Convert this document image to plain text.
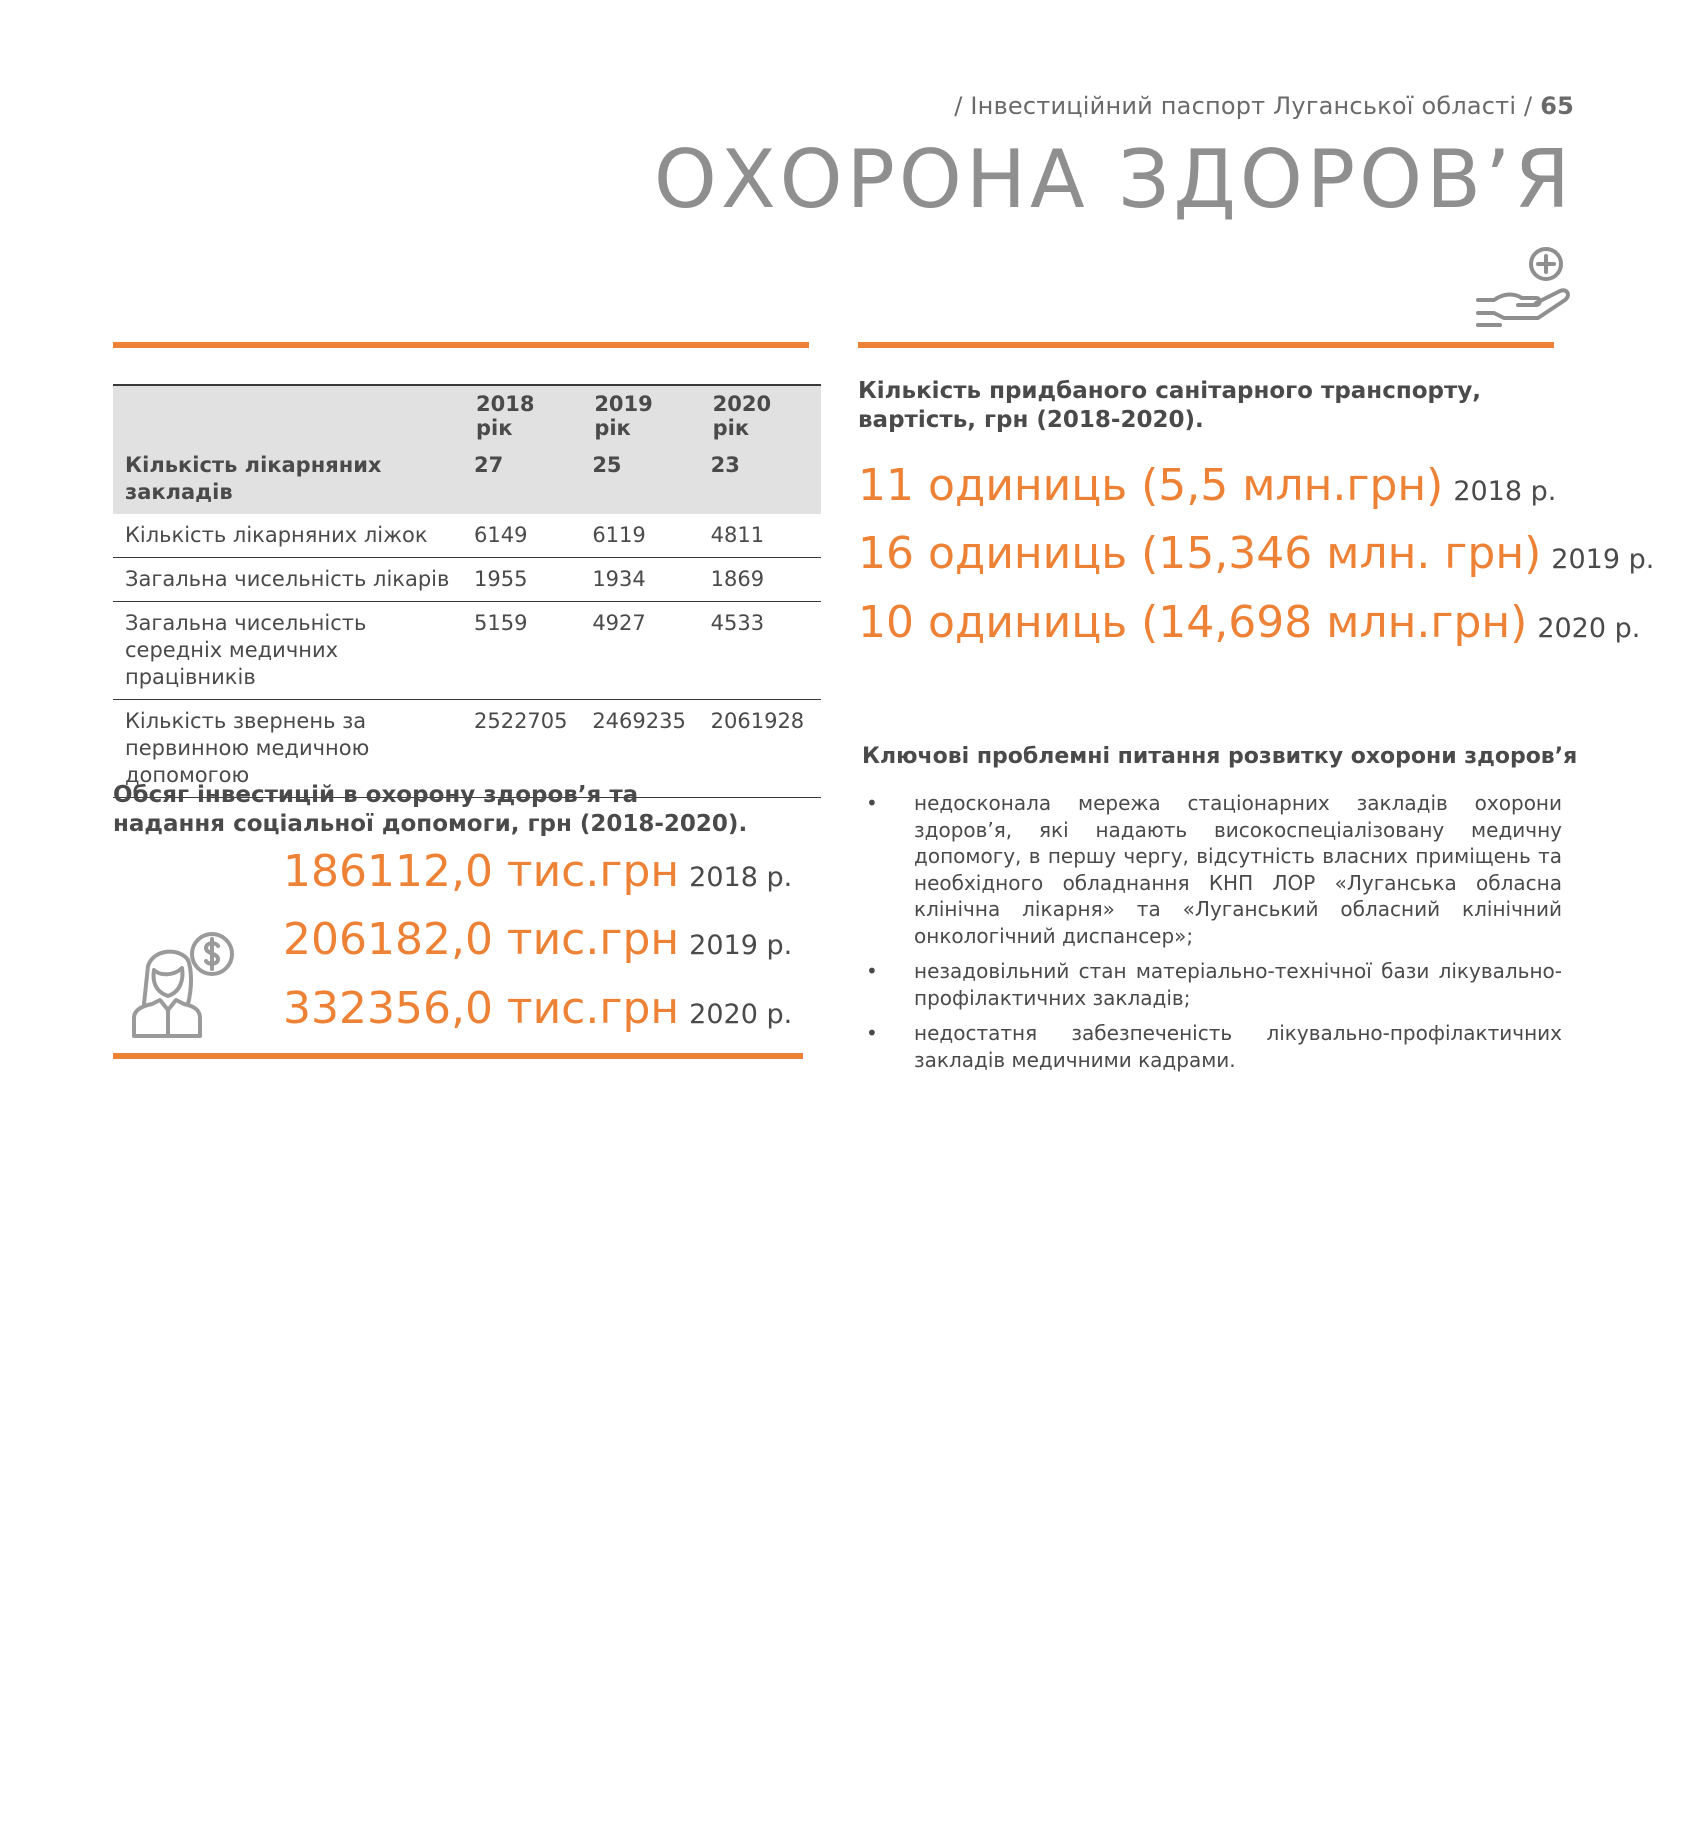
/ Інвестиційний паспорт Луганської області / 65
ОХОРОНА ЗДОРОВ’Я
	2018 рік	2019 рік	2020 рік
Кількість лікарняних закладів	27	25	23
Кількість лікарняних ліжок	6149	6119	4811
Загальна чисельність лікарів	1955	1934	1869
Загальна чисельність середніх медичних працівників	5159	4927	4533
Кількість звернень за первинною медичною допомогою	2522705	2469235	2061928

Обсяг інвестицій в охорону здоров’я та надання соціальної допомоги, грн (2018-2020).

186112,0 тис.грн 2018 р.
206182,0 тис.грн 2019 р.
332356,0 тис.грн 2020 р.

Кількість придбаного санітарного транспорту, вартість, грн (2018-2020).

11 одиниць (5,5 млн.грн) 2018 р.
16 одиниць (15,346 млн. грн) 2019 р.
10 одиниць (14,698 млн.грн) 2020 р.

Ключові проблемні питання розвитку охорони здоров’я

• недосконала мережа стаціонарних закладів охорони здоров’я, які надають високоспеціалізовану медичну допомогу, в першу чергу, відсутність власних приміщень та необхідного обладнання КНП ЛОР «Луганська обласна клінічна лікарня» та «Луганський обласний клінічний онкологічний диспансер»;
• незадовільний стан матеріально-технічної бази лікувально-профілактичних закладів;
• недостатня забезпеченість лікувально-профілактичних закладів медичними кадрами.
